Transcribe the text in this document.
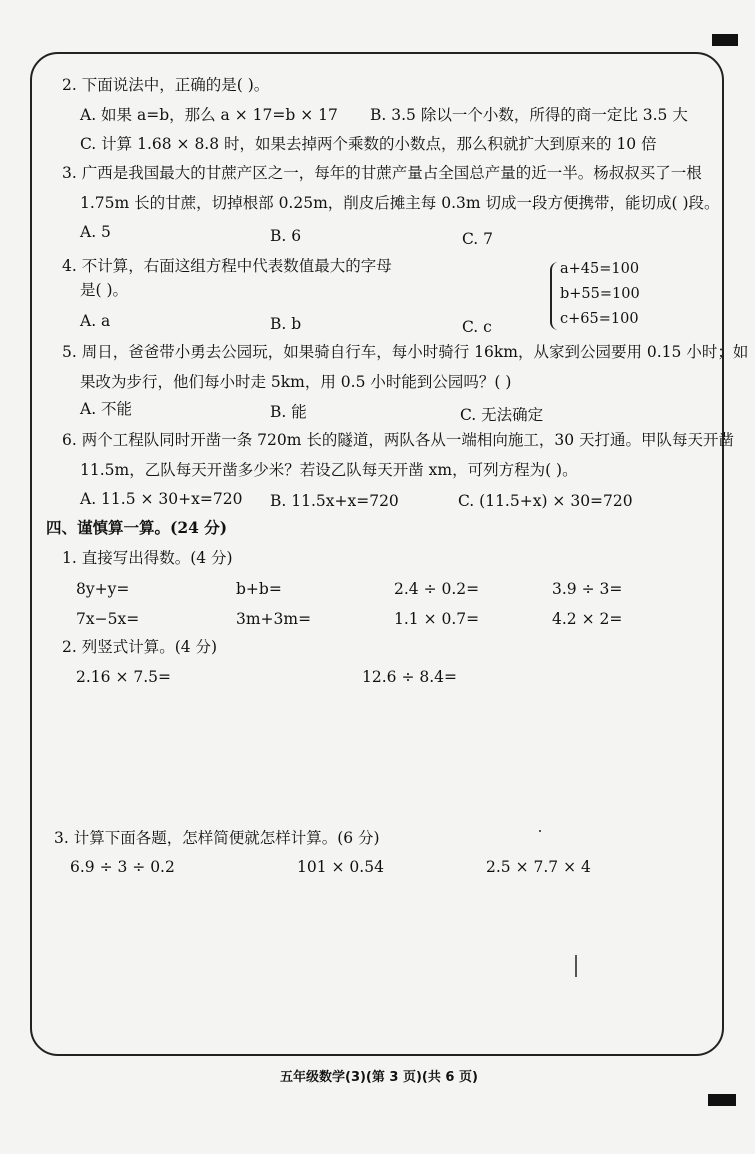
2. 下面说法中，正确的是( )。
A. 如果 a=b，那么 a × 17=b × 17 B. 3.5 除以一个小数，所得的商一定比 3.5 大
C. 计算 1.68 × 8.8 时，如果去掉两个乘数的小数点，那么积就扩大到原来的 10 倍
3. 广西是我国最大的甘蔗产区之一，每年的甘蔗产量占全国总产量的近一半。杨叔叔买了一根
1.75m 长的甘蔗，切掉根部 0.25m，削皮后摊主每 0.3m 切成一段方便携带，能切成( )段。
A. 5	B. 6	C. 7
4. 不计算，右面这组方程中代表数值最大的字母
是( )。
a+45=100
b+55=100
c+65=100
A. a	B. b	C. c
5. 周日，爸爸带小勇去公园玩，如果骑自行车，每小时骑行 16km，从家到公园要用 0.15 小时；如
果改为步行，他们每小时走 5km，用 0.5 小时能到公园吗？( )
A. 不能	B. 能	C. 无法确定
6. 两个工程队同时开凿一条 720m 长的隧道，两队各从一端相向施工，30 天打通。甲队每天开凿
11.5m，乙队每天开凿多少米？若设乙队每天开凿 xm，可列方程为( )。
A. 11.5 × 30+x=720 B. 11.5x+x=720	C. (11.5+x) × 30=720
四、谨慎算一算。(24 分)
1. 直接写出得数。(4 分)
8y+y=	b+b=	2.4 ÷ 0.2=	3.9 ÷ 3=
7x−5x=	3m+3m=	1.1 × 0.7=	4.2 × 2=
2. 列竖式计算。(4 分)
2.16 × 7.5=	12.6 ÷ 8.4=
3. 计算下面各题，怎样简便就怎样计算。(6 分)
6.9 ÷ 3 ÷ 0.2	101 × 0.54	2.5 × 7.7 × 4
五年级数学(3)(第 3 页)(共 6 页)
